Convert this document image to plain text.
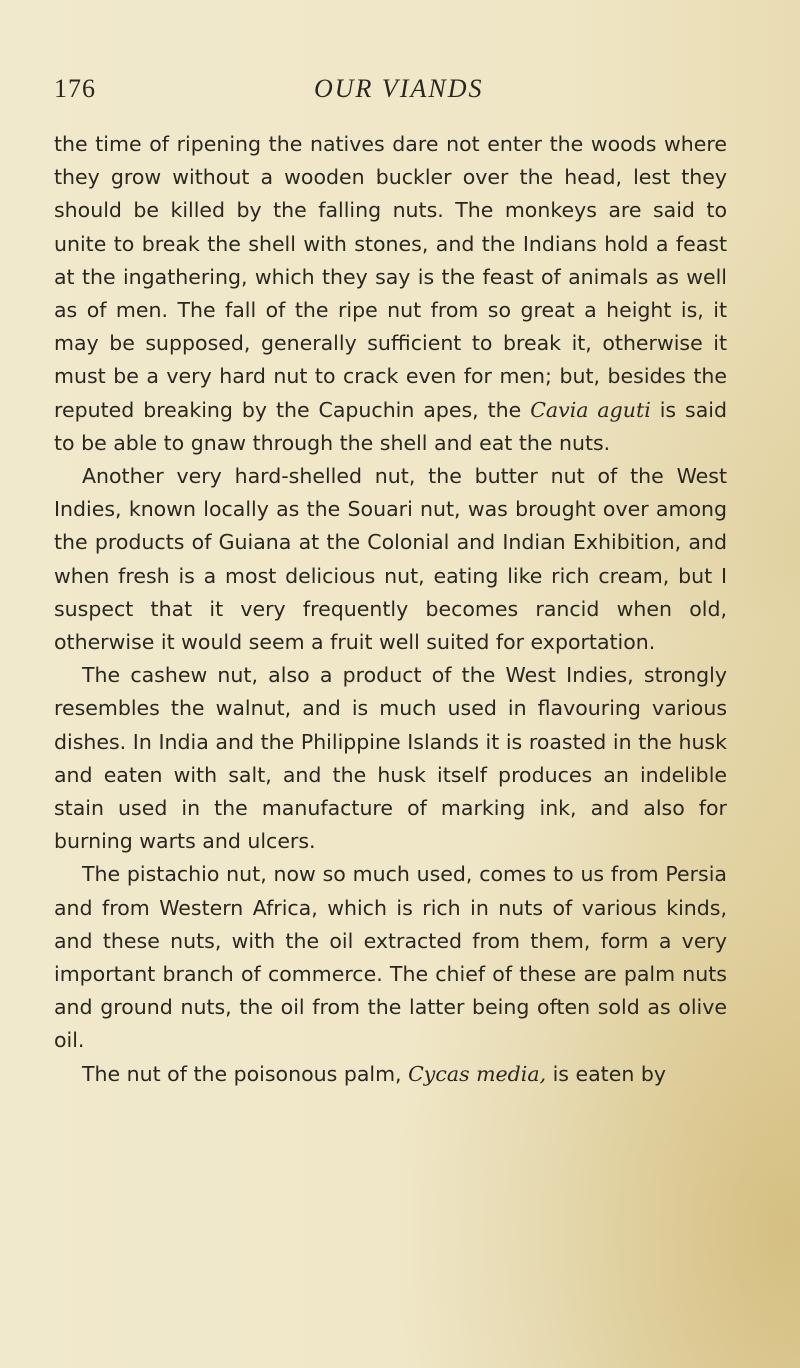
176	OUR VIANDS

the time of ripening the natives dare not enter the woods where they grow without a wooden buckler over the head, lest they should be killed by the falling nuts. The monkeys are said to unite to break the shell with stones, and the Indians hold a feast at the ingathering, which they say is the feast of animals as well as of men. The fall of the ripe nut from so great a height is, it may be supposed, generally sufficient to break it, otherwise it must be a very hard nut to crack even for men; but, besides the reputed breaking by the Capuchin apes, the Cavia aguti is said to be able to gnaw through the shell and eat the nuts.

Another very hard-shelled nut, the butter nut of the West Indies, known locally as the Souari nut, was brought over among the products of Guiana at the Colonial and Indian Exhibition, and when fresh is a most delicious nut, eating like rich cream, but I suspect that it very frequently becomes rancid when old, otherwise it would seem a fruit well suited for exportation.

The cashew nut, also a product of the West Indies, strongly resembles the walnut, and is much used in flavouring various dishes. In India and the Philippine Islands it is roasted in the husk and eaten with salt, and the husk itself produces an indelible stain used in the manufacture of marking ink, and also for burning warts and ulcers.

The pistachio nut, now so much used, comes to us from Persia and from Western Africa, which is rich in nuts of various kinds, and these nuts, with the oil extracted from them, form a very important branch of commerce. The chief of these are palm nuts and ground nuts, the oil from the latter being often sold as olive oil.

The nut of the poisonous palm, Cycas media, is eaten by
